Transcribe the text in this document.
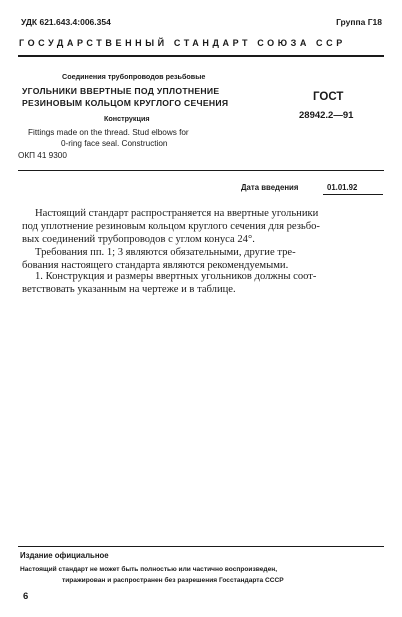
УДК 621.643.4:006.354	Группа Г18
ГОСУДАРСТВЕННЫЙ СТАНДАРТ СОЮЗА ССР
Соединения трубопроводов резьбовые
УГОЛЬНИКИ ВВЕРТНЫЕ ПОД УПЛОТНЕНИЕ
РЕЗИНОВЫМ КОЛЬЦОМ КРУГЛОГО СЕЧЕНИЯ
Конструкция
Fittings made on the thread. Stud elbows for
0-ring face seal. Construction
ОКП 41 9300
ГОСТ
28942.2—91
Дата введения	01.01.92
Настоящий стандарт распространяется на ввертные угольники
под уплотнение резиновым кольцом круглого сечения для резьбо-
вых соединений трубопроводов с углом конуса 24°.
Требования пп. 1; 3 являются обязательными, другие тре-
бования настоящего стандарта являются рекомендуемыми.
1. Конструкция и размеры ввертных угольников должны соот-
ветствовать указанным на чертеже и в таблице.
Издание официальное
Настоящий стандарт не может быть полностью или частично воспроизведен,
тиражирован и распространен без разрешения Госстандарта СССР
6
